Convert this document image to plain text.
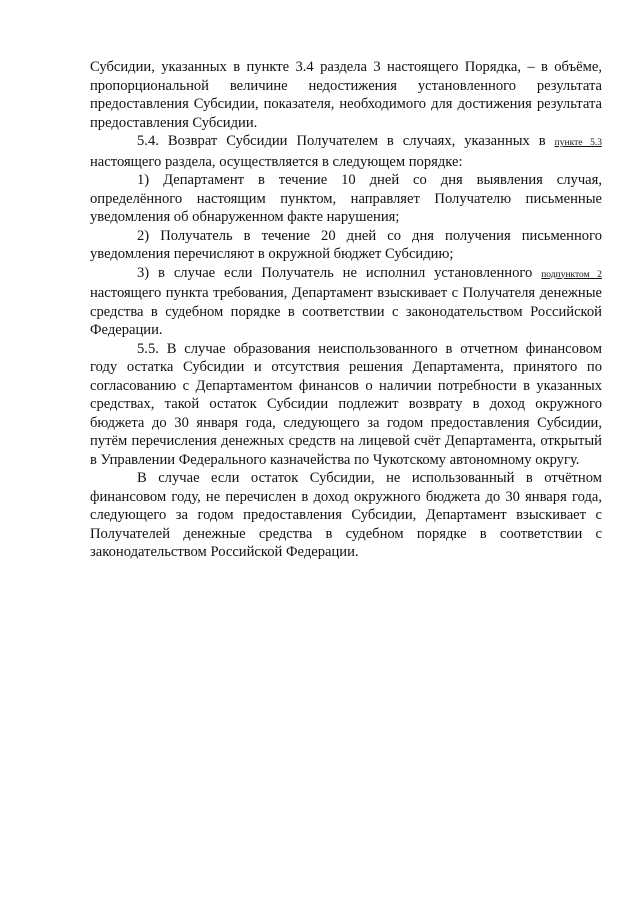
Субсидии, указанных в пункте 3.4 раздела 3 настоящего Порядка, – в объёме, пропорциональной величине недостижения установленного результата предоставления Субсидии, показателя, необходимого для достижения результата предоставления Субсидии.

5.4. Возврат Субсидии Получателем в случаях, указанных в пункте 5.3 настоящего раздела, осуществляется в следующем порядке:

1) Департамент в течение 10 дней со дня выявления случая, определённого настоящим пунктом, направляет Получателю письменные уведомления об обнаруженном факте нарушения;

2) Получатель в течение 20 дней со дня получения письменного уведомления перечисляют в окружной бюджет Субсидию;

3) в случае если Получатель не исполнил установленного подпунктом 2 настоящего пункта требования, Департамент взыскивает с Получателя денежные средства в судебном порядке в соответствии с законодательством Российской Федерации.

5.5. В случае образования неиспользованного в отчетном финансовом году остатка Субсидии и отсутствия решения Департамента, принятого по согласованию с Департаментом финансов о наличии потребности в указанных средствах, такой остаток Субсидии подлежит возврату в доход окружного бюджета до 30 января года, следующего за годом предоставления Субсидии, путём перечисления денежных средств на лицевой счёт Департамента, открытый в Управлении Федерального казначейства по Чукотскому автономному округу.

В случае если остаток Субсидии, не использованный в отчётном финансовом году, не перечислен в доход окружного бюджета до 30 января года, следующего за годом предоставления Субсидии, Департамент взыскивает с Получателей денежные средства в судебном порядке в соответствии с законодательством Российской Федерации.
